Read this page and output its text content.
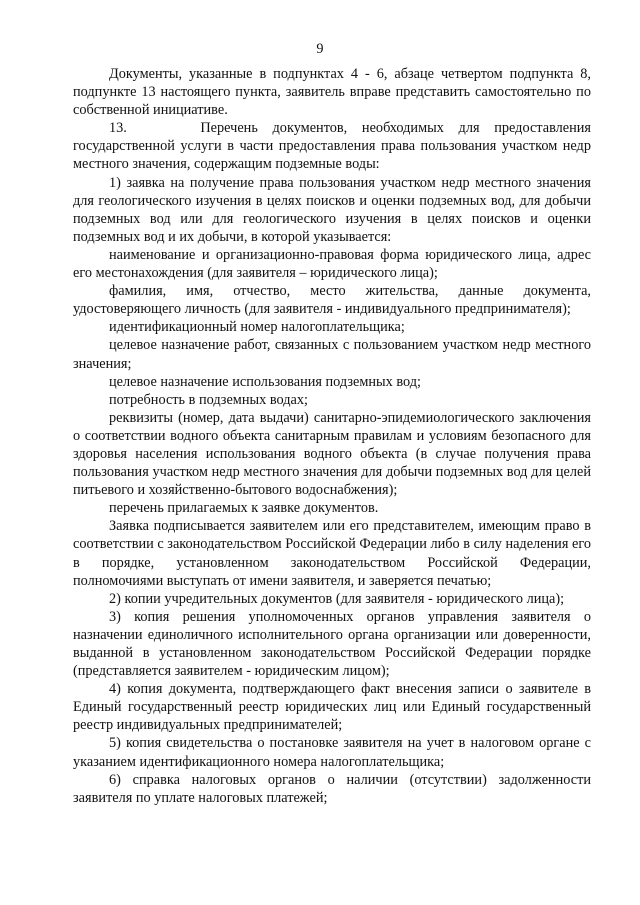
9

Документы, указанные в подпунктах 4 - 6, абзаце четвертом подпункта 8, подпункте 13 настоящего пункта, заявитель вправе представить самостоятельно по собственной инициативе.

13.     Перечень документов, необходимых для предоставления государственной услуги в части предоставления права пользования участком недр местного значения, содержащим подземные воды:

1) заявка на получение права пользования участком недр местного значения для геологического изучения в целях поисков и оценки подземных вод, для добычи подземных вод или для геологического изучения в целях поисков и оценки подземных вод и их добычи, в которой указывается:

наименование и организационно-правовая форма юридического лица, адрес его местонахождения (для заявителя – юридического лица);

фамилия, имя, отчество, место жительства, данные документа, удостоверяющего личность (для заявителя - индивидуального предпринимателя);

идентификационный номер налогоплательщика;

целевое назначение работ, связанных с пользованием участком недр местного значения;

целевое назначение использования подземных вод;

потребность в подземных водах;

реквизиты (номер, дата выдачи) санитарно-эпидемиологического заключения о соответствии водного объекта санитарным правилам и условиям безопасного для здоровья населения использования водного объекта (в случае получения права пользования участком недр местного значения для добычи подземных вод для целей питьевого и хозяйственно-бытового водоснабжения);

перечень прилагаемых к заявке документов.

Заявка подписывается заявителем или его представителем, имеющим право в соответствии с законодательством Российской Федерации либо в силу наделения его в порядке, установленном законодательством Российской Федерации, полномочиями выступать от имени заявителя, и заверяется печатью;

2) копии учредительных документов (для заявителя - юридического лица);

3) копия решения уполномоченных органов управления заявителя о назначении единоличного исполнительного органа организации или доверенности, выданной в установленном законодательством Российской Федерации порядке (представляется заявителем - юридическим лицом);

4) копия документа, подтверждающего факт внесения записи о заявителе в Единый государственный реестр юридических лиц или Единый государственный реестр индивидуальных предпринимателей;

5) копия свидетельства о постановке заявителя на учет в налоговом органе с указанием идентификационного номера налогоплательщика;

6) справка налоговых органов о наличии (отсутствии) задолженности заявителя по уплате налоговых платежей;
